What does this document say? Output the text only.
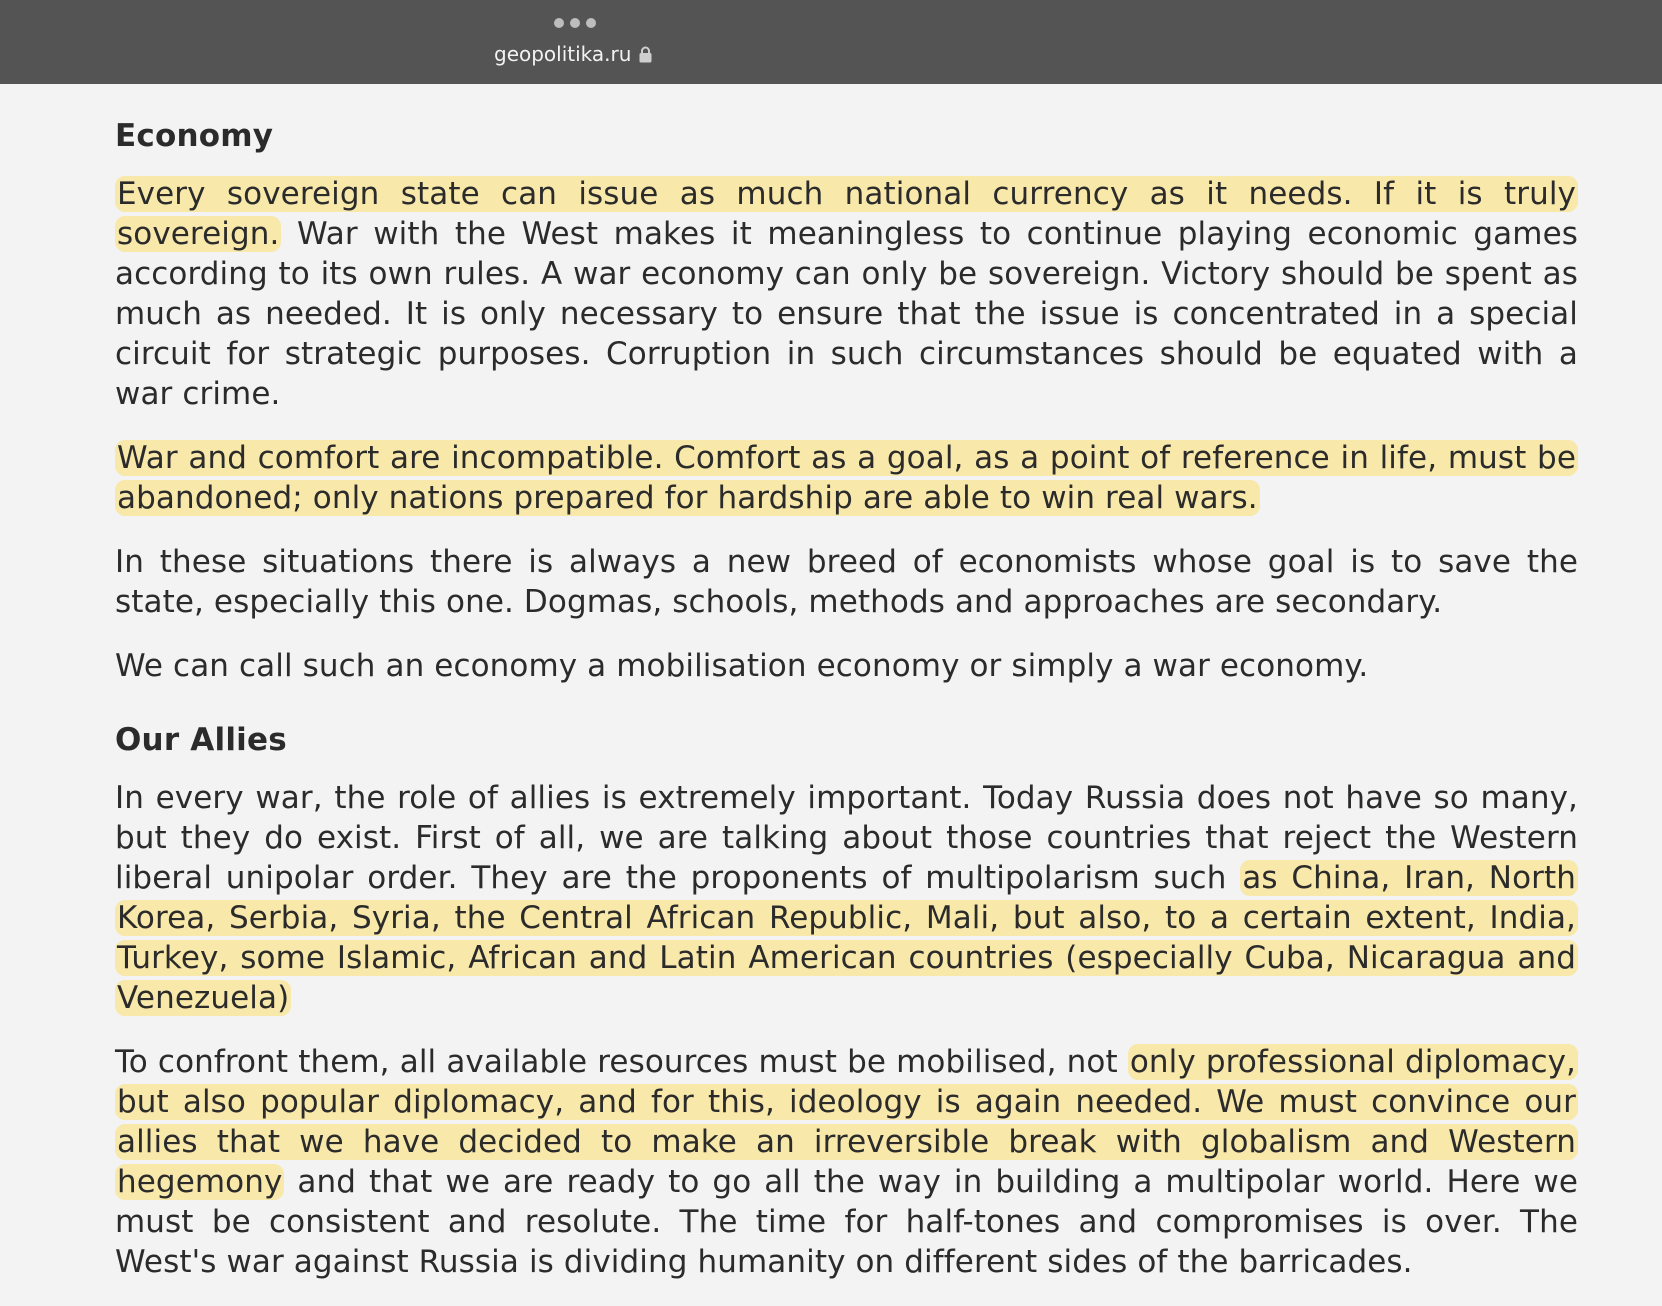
geopolitika.ru
Economy

Every sovereign state can issue as much national currency as it needs. If it is truly sovereign. War with the West makes it meaningless to continue playing economic games according to its own rules. A war economy can only be sovereign. Victory should be spent as much as needed. It is only necessary to ensure that the issue is concentrated in a special circuit for strategic purposes. Corruption in such circumstances should be equated with a war crime.

War and comfort are incompatible. Comfort as a goal, as a point of reference in life, must be abandoned; only nations prepared for hardship are able to win real wars.

In these situations there is always a new breed of economists whose goal is to save the state, especially this one. Dogmas, schools, methods and approaches are secondary.

We can call such an economy a mobilisation economy or simply a war economy.

Our Allies

In every war, the role of allies is extremely important. Today Russia does not have so many, but they do exist. First of all, we are talking about those countries that reject the Western liberal unipolar order. They are the proponents of multipolarism such as China, Iran, North Korea, Serbia, Syria, the Central African Republic, Mali, but also, to a certain extent, India, Turkey, some Islamic, African and Latin American countries (especially Cuba, Nicaragua and Venezuela)

To confront them, all available resources must be mobilised, not only professional diplomacy, but also popular diplomacy, and for this, ideology is again needed. We must convince our allies that we have decided to make an irreversible break with globalism and Western hegemony and that we are ready to go all the way in building a multipolar world. Here we must be consistent and resolute. The time for half-tones and compromises is over. The West's war against Russia is dividing humanity on different sides of the barricades.
